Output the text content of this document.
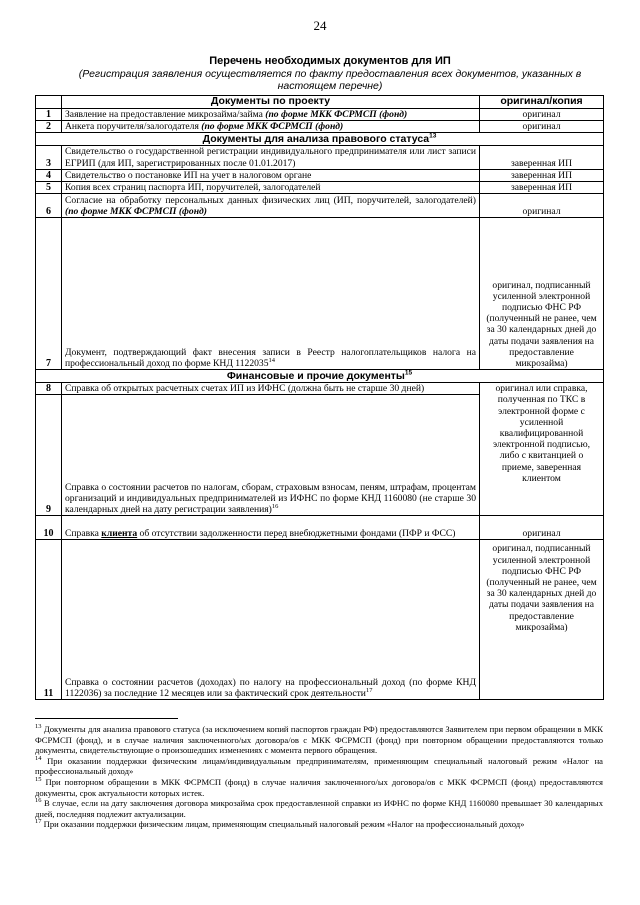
24
Перечень необходимых документов для ИП
(Регистрация заявления осуществляется по факту предоставления всех документов, указанных в настоящем перечне)
	Документы по проекту	оригинал/копия
1	Заявление на предоставление микрозайма/займа (по форме МКК ФСРМСП (фонд)	оригинал
2	Анкета поручителя/залогодателя (по форме МКК ФСРМСП (фонд)	оригинал
Документы для анализа правового статуса$^{13}$
3	Свидетельство о государственной регистрации индивидуального предпринимателя или лист записи ЕГРИП (для ИП, зарегистрированных после 01.01.2017)	заверенная ИП
4	Свидетельство о постановке ИП на учет в налоговом органе	заверенная ИП
5	Копия всех страниц паспорта ИП, поручителей, залогодателей	заверенная ИП
6	Согласие на обработку персональных данных физических лиц (ИП, поручителей, залогодателей) (по форме МКК ФСРМСП (фонд)	оригинал
7	Документ, подтверждающий факт внесения записи в Реестр налогоплательщиков налога на профессиональный доход по форме КНД 1122035$^{14}$	оригинал, подписанный усиленной электронной подписью ФНС РФ (полученный не ранее, чем за 30 календарных дней до даты подачи заявления на предоставление микрозайма)
Финансовые и прочие документы$^{15}$
8	Справка об открытых расчетных счетах ИП из ИФНС (должна быть не старше 30 дней)	оригинал или справка, полученная по ТКС в электронной форме с усиленной квалифицированной электронной подписью, либо с квитанцией о приеме, заверенная клиентом
9	Справка о состоянии расчетов по налогам, сборам, страховым взносам, пеням, штрафам, процентам организаций и индивидуальных предпринимателей из ИФНС по форме КНД 1160080 (не старше 30 календарных дней на дату регистрации заявления)$^{16}$
10	Справка клиента об отсутствии задолженности перед внебюджетными фондами (ПФР и ФСС)	оригинал
11	Справка о состоянии расчетов (доходах) по налогу на профессиональный доход (по форме КНД 1122036) за последние 12 месяцев или за фактический срок деятельности$^{17}$	оригинал, подписанный усиленной электронной подписью ФНС РФ (полученный не ранее, чем за 30 календарных дней до даты подачи заявления на предоставление микрозайма)

$^{13}$ Документы для анализа правового статуса (за исключением копий паспортов граждан РФ) предоставляются Заявителем при первом обращении в МКК ФСРМСП (фонд), и в случае наличия заключенного/ых договора/ов с МКК ФСРМСП (фонд) при повторном обращении предоставляются только документы, свидетельствующие о произошедших изменениях с момента первого обращения.

$^{14}$ При оказании поддержки физическим лицам/индивидуальным предпринимателям, применяющим специальный налоговый режим «Налог на профессиональный доход»

$^{15}$ При повторном обращении в МКК ФСРМСП (фонд) в случае наличия заключенного/ых договора/ов с МКК ФСРМСП (фонд) предоставляются документы, срок актуальности которых истек.

$^{16}$ В случае, если на дату заключения договора микрозайма срок предоставленной справки из ИФНС по форме КНД 1160080 превышает 30 календарных дней, последняя подлежит актуализации.

$^{17}$ При оказании поддержки физическим лицам, применяющим специальный налоговый режим «Налог на профессиональный доход»
